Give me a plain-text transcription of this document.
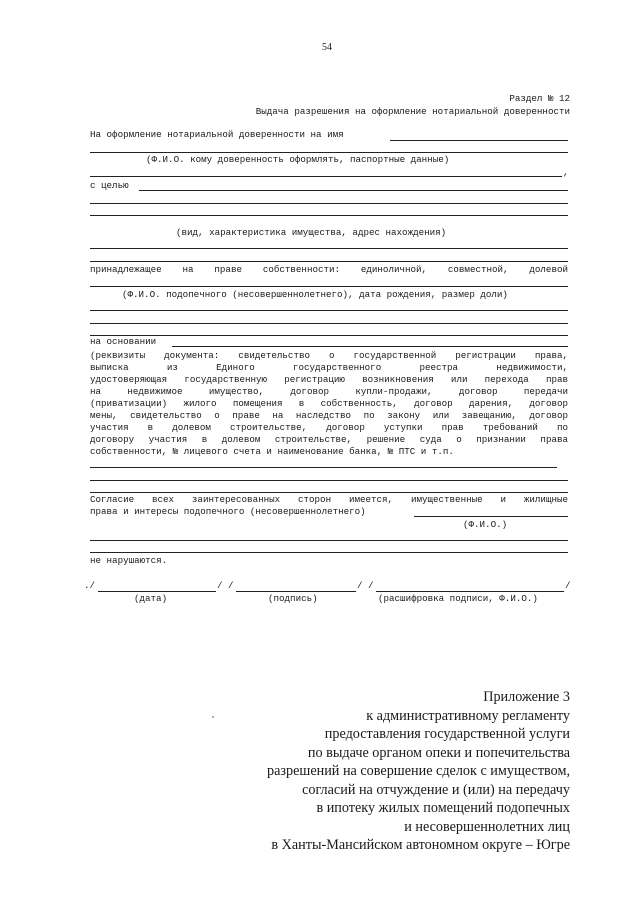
54
Раздел № 12
Выдача разрешения на оформление нотариальной доверенности
На оформление нотариальной доверенности на имя
(Ф.И.О. кому доверенность оформлять, паспортные данные)
,
с целью
(вид, характеристика имущества, адрес нахождения)
принадлежащее на праве собственности: единоличной, совместной, долевой
(Ф.И.О. подопечного (несовершеннолетнего), дата рождения, размер доли)
на основании
(реквизиты документа: свидетельство о государственной регистрации права,
выписка из Единого государственного реестра недвижимости,
удостоверяющая государственную регистрацию возникновения или перехода прав
на недвижимое имущество, договор купли-продажи, договор передачи
(приватизации) жилого помещения в собственность, договор дарения, договор
мены, свидетельство о праве на наследство по закону или завещанию, договор
участия в долевом строительстве, договор уступки прав требований по
договору участия в долевом строительстве, решение суда о признании права
собственности, № лицевого счета и наименование банка, № ПТС и т.п.
Согласие всех заинтересованных сторон имеется, имущественные и жилищные
права и интересы подопечного (несовершеннолетнего)
(Ф.И.О.)
не нарушаются.
./	/ /	/ /	/
(дата)	(подпись)	(расшифровка подписи, Ф.И.О.)
Приложение 3
к административному регламенту
предоставления государственной услуги
по выдаче органом опеки и попечительства
разрешений на совершение сделок с имуществом,
согласий на отчуждение и (или) на передачу
в ипотеку жилых помещений подопечных
и несовершеннолетних лиц
в Ханты-Мансийском автономном округе – Югре
